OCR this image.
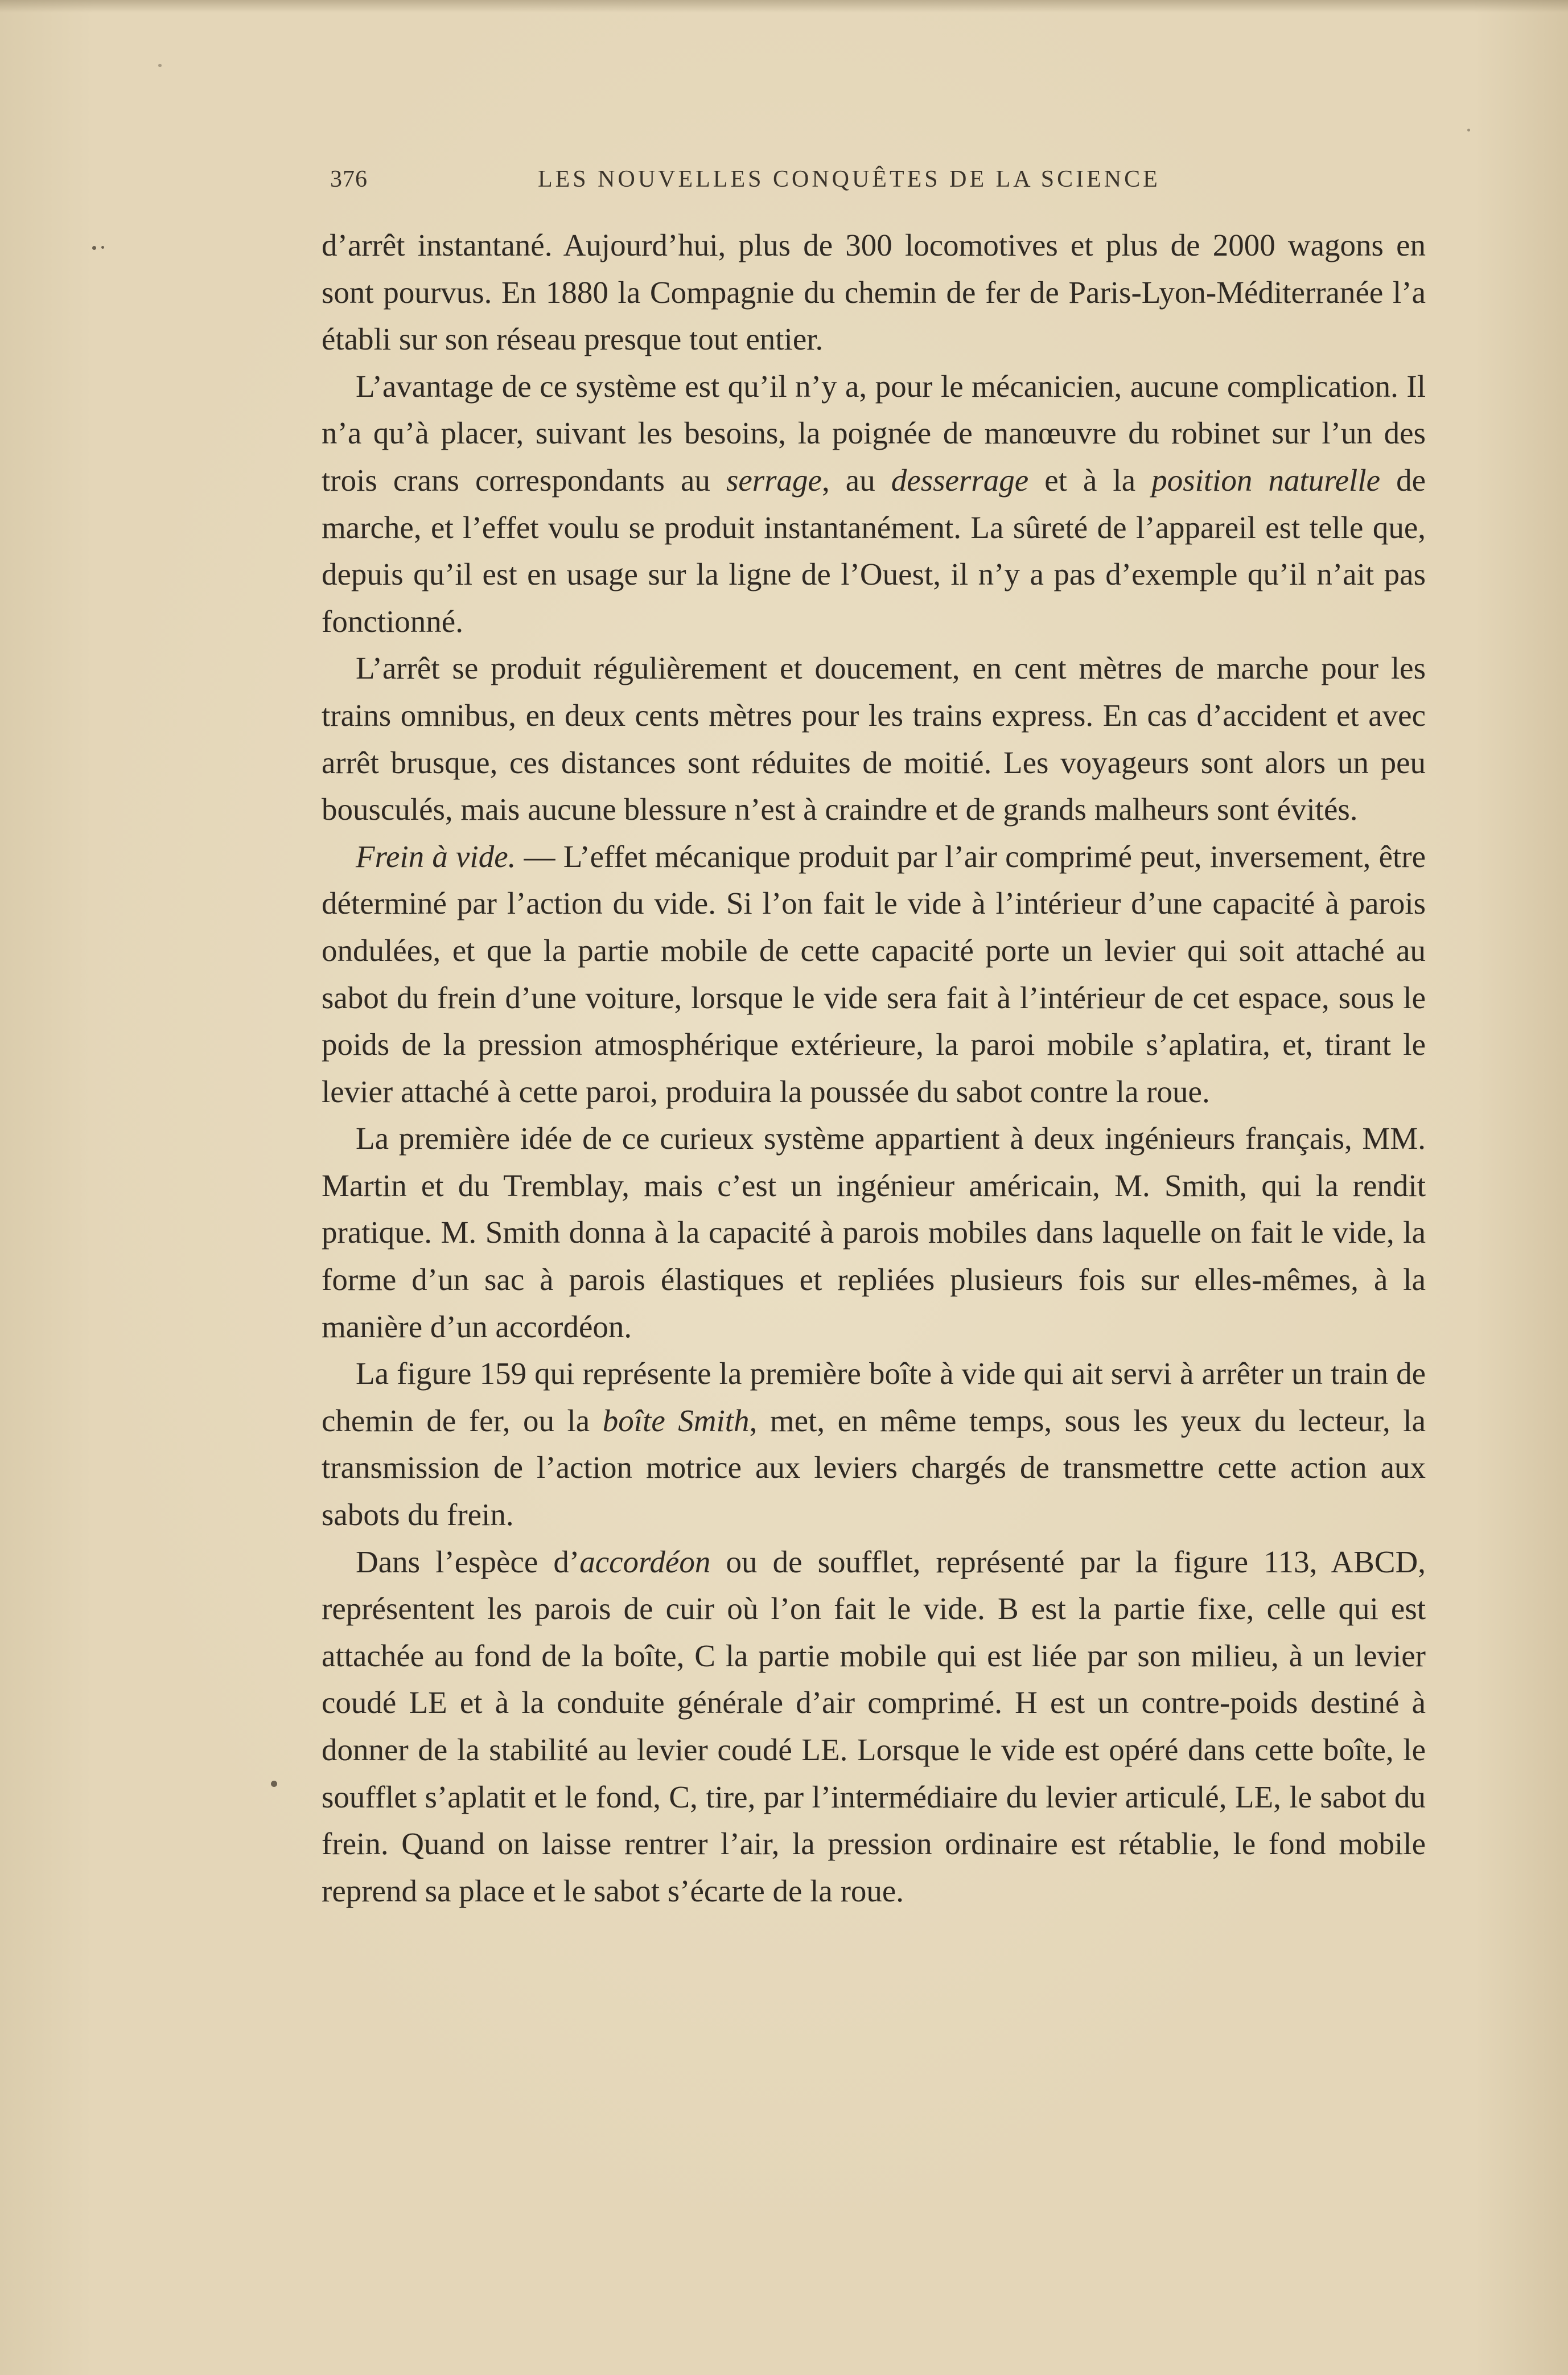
376	LES NOUVELLES CONQUÊTES DE LA SCIENCE

d’arrêt instantané. Aujourd’hui, plus de 300 locomotives et plus de 2000 wagons en sont pourvus. En 1880 la Compagnie du chemin de fer de Paris-Lyon-Méditerranée l’a établi sur son réseau presque tout entier.

L’avantage de ce système est qu’il n’y a, pour le mécanicien, aucune complication. Il n’a qu’à placer, suivant les besoins, la poignée de manœuvre du robinet sur l’un des trois crans correspondants au serrage, au desserrage et à la position naturelle de marche, et l’effet voulu se produit instantanément. La sûreté de l’appareil est telle que, depuis qu’il est en usage sur la ligne de l’Ouest, il n’y a pas d’exemple qu’il n’ait pas fonctionné.

L’arrêt se produit régulièrement et doucement, en cent mètres de marche pour les trains omnibus, en deux cents mètres pour les trains express. En cas d’accident et avec arrêt brusque, ces distances sont réduites de moitié. Les voyageurs sont alors un peu bousculés, mais aucune blessure n’est à craindre et de grands malheurs sont évités.

Frein à vide. — L’effet mécanique produit par l’air comprimé peut, inversement, être déterminé par l’action du vide. Si l’on fait le vide à l’intérieur d’une capacité à parois ondulées, et que la partie mobile de cette capacité porte un levier qui soit attaché au sabot du frein d’une voiture, lorsque le vide sera fait à l’intérieur de cet espace, sous le poids de la pression atmosphérique extérieure, la paroi mobile s’aplatira, et, tirant le levier attaché à cette paroi, produira la poussée du sabot contre la roue.

La première idée de ce curieux système appartient à deux ingénieurs français, MM. Martin et du Tremblay, mais c’est un ingénieur américain, M. Smith, qui la rendit pratique. M. Smith donna à la capacité à parois mobiles dans laquelle on fait le vide, la forme d’un sac à parois élastiques et repliées plusieurs fois sur elles-mêmes, à la manière d’un accordéon.

La figure 159 qui représente la première boîte à vide qui ait servi à arrêter un train de chemin de fer, ou la boîte Smith, met, en même temps, sous les yeux du lecteur, la transmission de l’action motrice aux leviers chargés de transmettre cette action aux sabots du frein.

Dans l’espèce d’accordéon ou de soufflet, représenté par la figure 113, ABCD, représentent les parois de cuir où l’on fait le vide. B est la partie fixe, celle qui est attachée au fond de la boîte, C la partie mobile qui est liée par son milieu, à un levier coudé LE et à la conduite générale d’air comprimé. H est un contre-poids destiné à donner de la stabilité au levier coudé LE. Lorsque le vide est opéré dans cette boîte, le soufflet s’aplatit et le fond, C, tire, par l’intermédiaire du levier articulé, LE, le sabot du frein. Quand on laisse rentrer l’air, la pression ordinaire est rétablie, le fond mobile reprend sa place et le sabot s’écarte de la roue.
